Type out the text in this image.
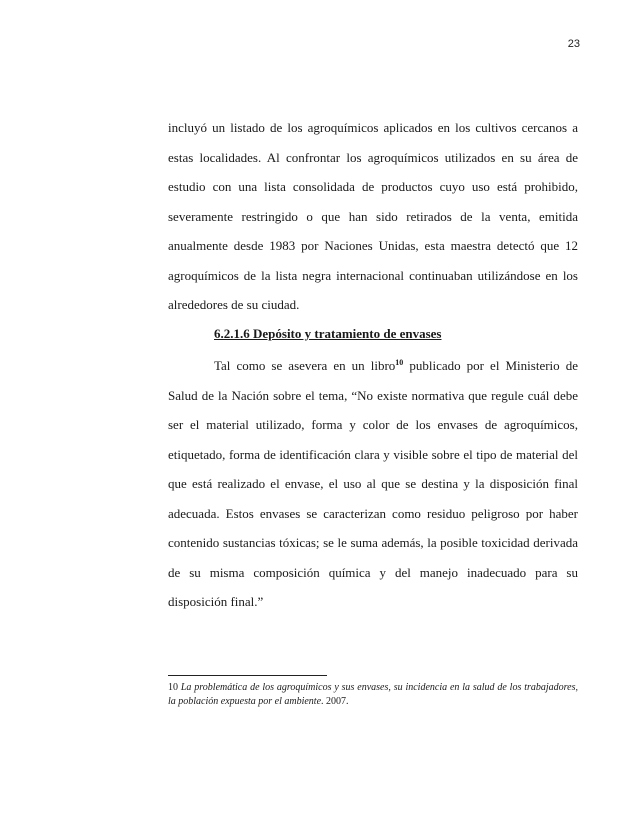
23

incluyó un listado de los agroquímicos aplicados en los cultivos cercanos a estas localidades. Al confrontar los agroquímicos utilizados en su área de estudio con una lista consolidada de productos cuyo uso está prohibido, severamente restringido o que han sido retirados de la venta, emitida anualmente desde 1983 por Naciones Unidas, esta maestra detectó que 12 agroquímicos de la lista negra internacional continuaban utilizándose en los alrededores de su ciudad.

6.2.1.6 Depósito y tratamiento de envases

Tal como se asevera en un libro$^{10}$ publicado por el Ministerio de Salud de la Nación sobre el tema, “No existe normativa que regule cuál debe ser el material utilizado, forma y color de los envases de agroquímicos, etiquetado, forma de identificación clara y visible sobre el tipo de material del que está realizado el envase, el uso al que se destina y la disposición final adecuada. Estos envases se caracterizan como residuo peligroso por haber contenido sustancias tóxicas; se le suma además, la posible toxicidad derivada de su misma composición química y del manejo inadecuado para su disposición final.”

10 La problemática de los agroquímicos y sus envases, su incidencia en la salud de los trabajadores, la población expuesta por el ambiente. 2007.
